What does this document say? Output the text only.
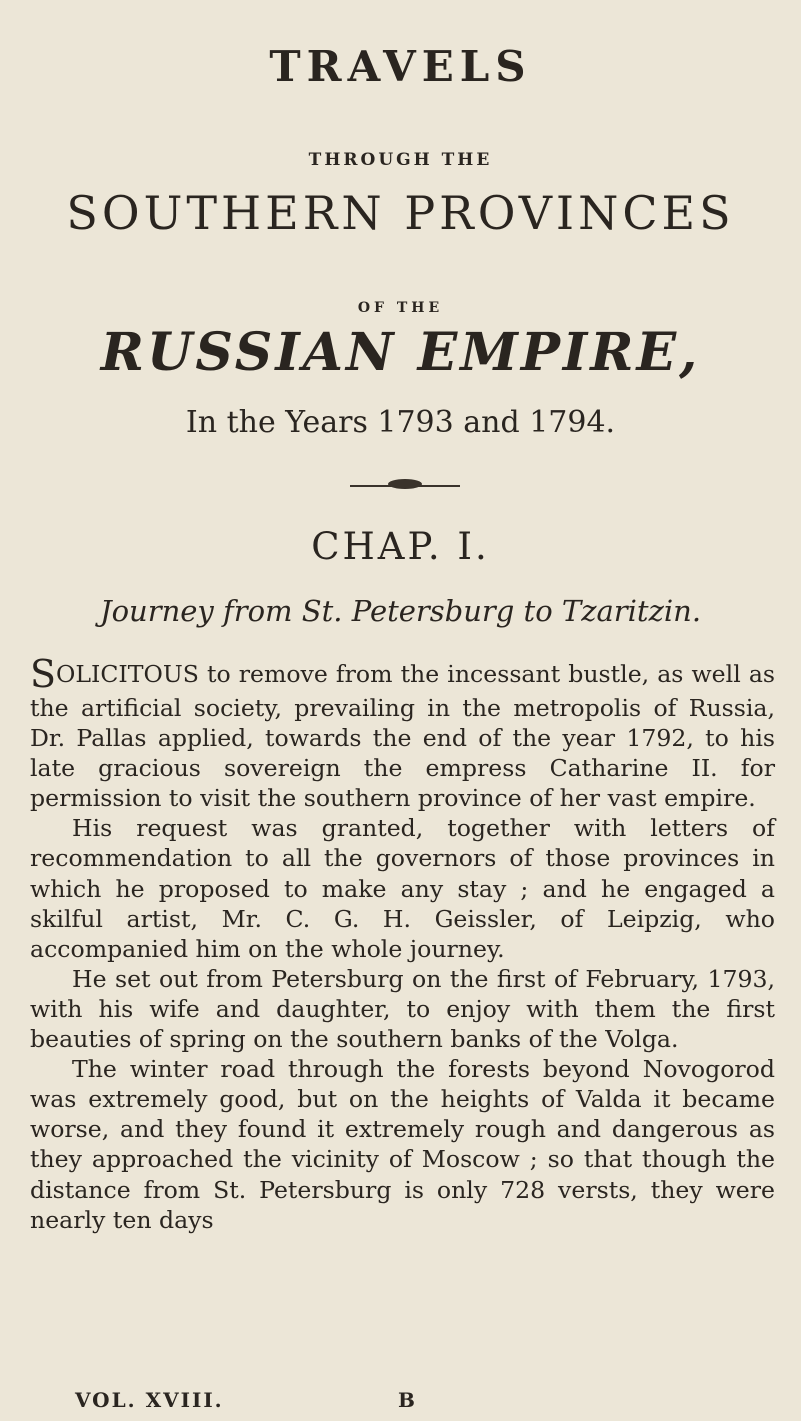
TRAVELS
THROUGH THE
SOUTHERN PROVINCES
OF THE
RUSSIAN EMPIRE,
In the Years 1793 and 1794.
CHAP. I.
Journey from St. Petersburg to Tzaritzin.

SOLICITOUS to remove from the incessant bustle, as well as the artificial society, prevailing in the metropolis of Russia, Dr. Pallas applied, towards the end of the year 1792, to his late gracious sovereign the empress Catharine II. for permission to visit the southern province of her vast empire.

His request was granted, together with letters of recommendation to all the governors of those provinces in which he proposed to make any stay ; and he engaged a skilful artist, Mr. C. G. H. Geissler, of Leipzig, who accompanied him on the whole journey.

He set out from Petersburg on the first of February, 1793, with his wife and daughter, to enjoy with them the first beauties of spring on the southern banks of the Volga.

The winter road through the forests beyond Novogorod was extremely good, but on the heights of Valda it became worse, and they found it extremely rough and dangerous as they approached the vicinity of Moscow ; so that though the distance from St. Petersburg is only 728 versts, they were nearly ten days

VOL. XVIII.	B
